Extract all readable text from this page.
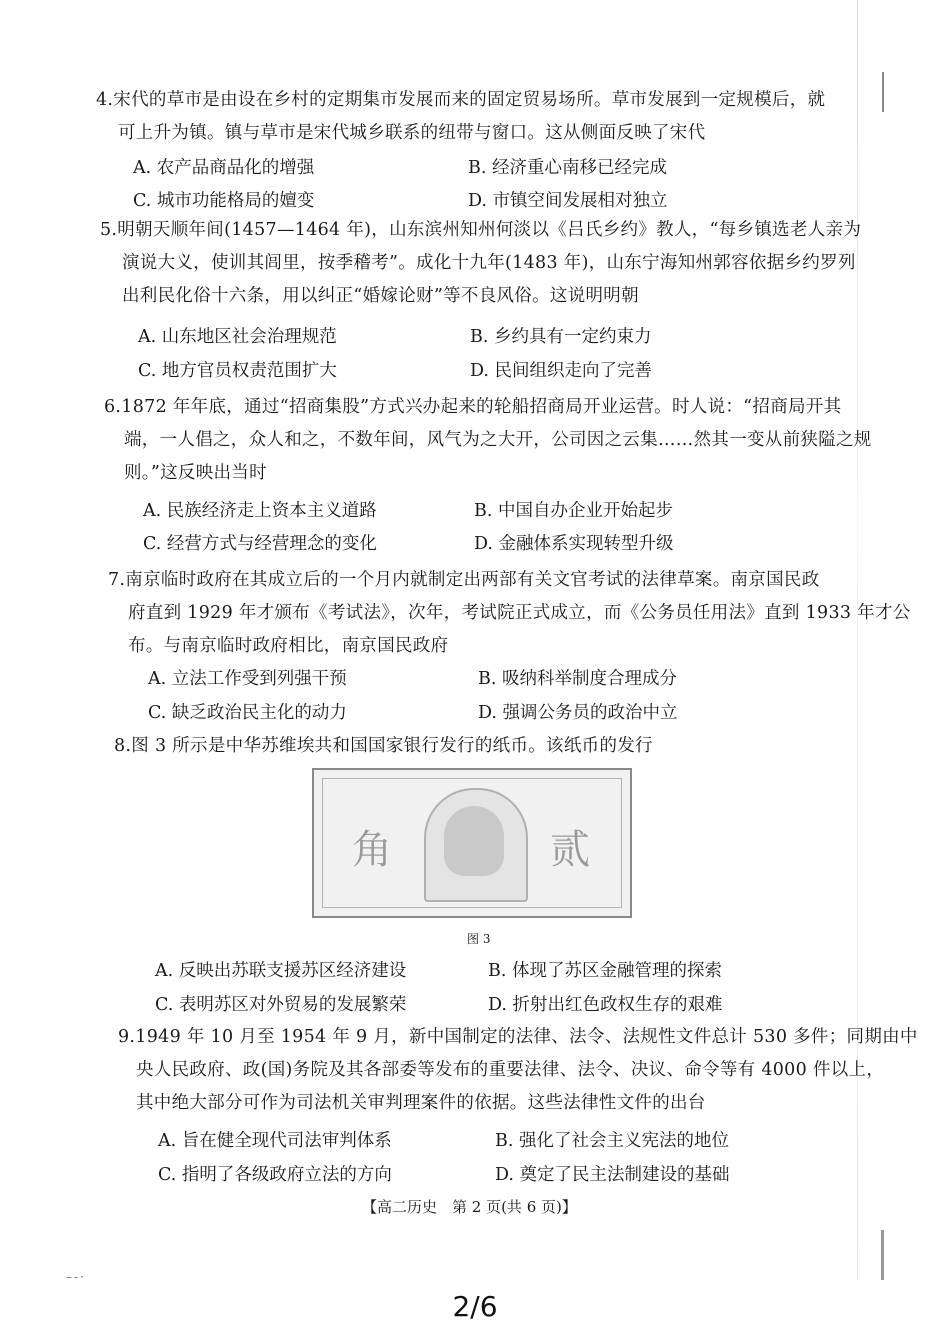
4.宋代的草市是由设在乡村的定期集市发展而来的固定贸易场所。草市发展到一定规模后，就
可上升为镇。镇与草市是宋代城乡联系的纽带与窗口。这从侧面反映了宋代
A. 农产品商品化的增强	B. 经济重心南移已经完成
C. 城市功能格局的嬗变	D. 市镇空间发展相对独立
5.明朝天顺年间(1457—1464 年)，山东滨州知州何淡以《吕氏乡约》教人，“每乡镇选老人亲为
演说大义，使训其闾里，按季稽考”。成化十九年(1483 年)，山东宁海知州郭容依据乡约罗列
出利民化俗十六条，用以纠正“婚嫁论财”等不良风俗。这说明明朝
A. 山东地区社会治理规范	B. 乡约具有一定约束力
C. 地方官员权责范围扩大	D. 民间组织走向了完善
6.1872 年年底，通过“招商集股”方式兴办起来的轮船招商局开业运营。时人说：“招商局开其
端，一人倡之，众人和之，不数年间，风气为之大开，公司因之云集……然其一变从前狭隘之规
则。”这反映出当时
A. 民族经济走上资本主义道路	B. 中国自办企业开始起步
C. 经营方式与经营理念的变化	D. 金融体系实现转型升级
7.南京临时政府在其成立后的一个月内就制定出两部有关文官考试的法律草案。南京国民政
府直到 1929 年才颁布《考试法》，次年，考试院正式成立，而《公务员任用法》直到 1933 年才公
布。与南京临时政府相比，南京国民政府
A. 立法工作受到列强干预	B. 吸纳科举制度合理成分
C. 缺乏政治民主化的动力	D. 强调公务员的政治中立
8.图 3 所示是中华苏维埃共和国国家银行发行的纸币。该纸币的发行
角	贰
图 3
A. 反映出苏联支援苏区经济建设	B. 体现了苏区金融管理的探索
C. 表明苏区对外贸易的发展繁荣	D. 折射出红色政权生存的艰难
9.1949 年 10 月至 1954 年 9 月，新中国制定的法律、法令、法规性文件总计 530 多件；同期由中
央人民政府、政(国)务院及其各部委等发布的重要法律、法令、决议、命令等有 4000 件以上，
其中绝大部分可作为司法机关审判理案件的依据。这些法律性文件的出台
A. 旨在健全现代司法审判体系	B. 强化了社会主义宪法的地位
C. 指明了各级政府立法的方向	D. 奠定了民主法制建设的基础
【高二历史　第 2 页(共 6 页)】
–-·
2/6
